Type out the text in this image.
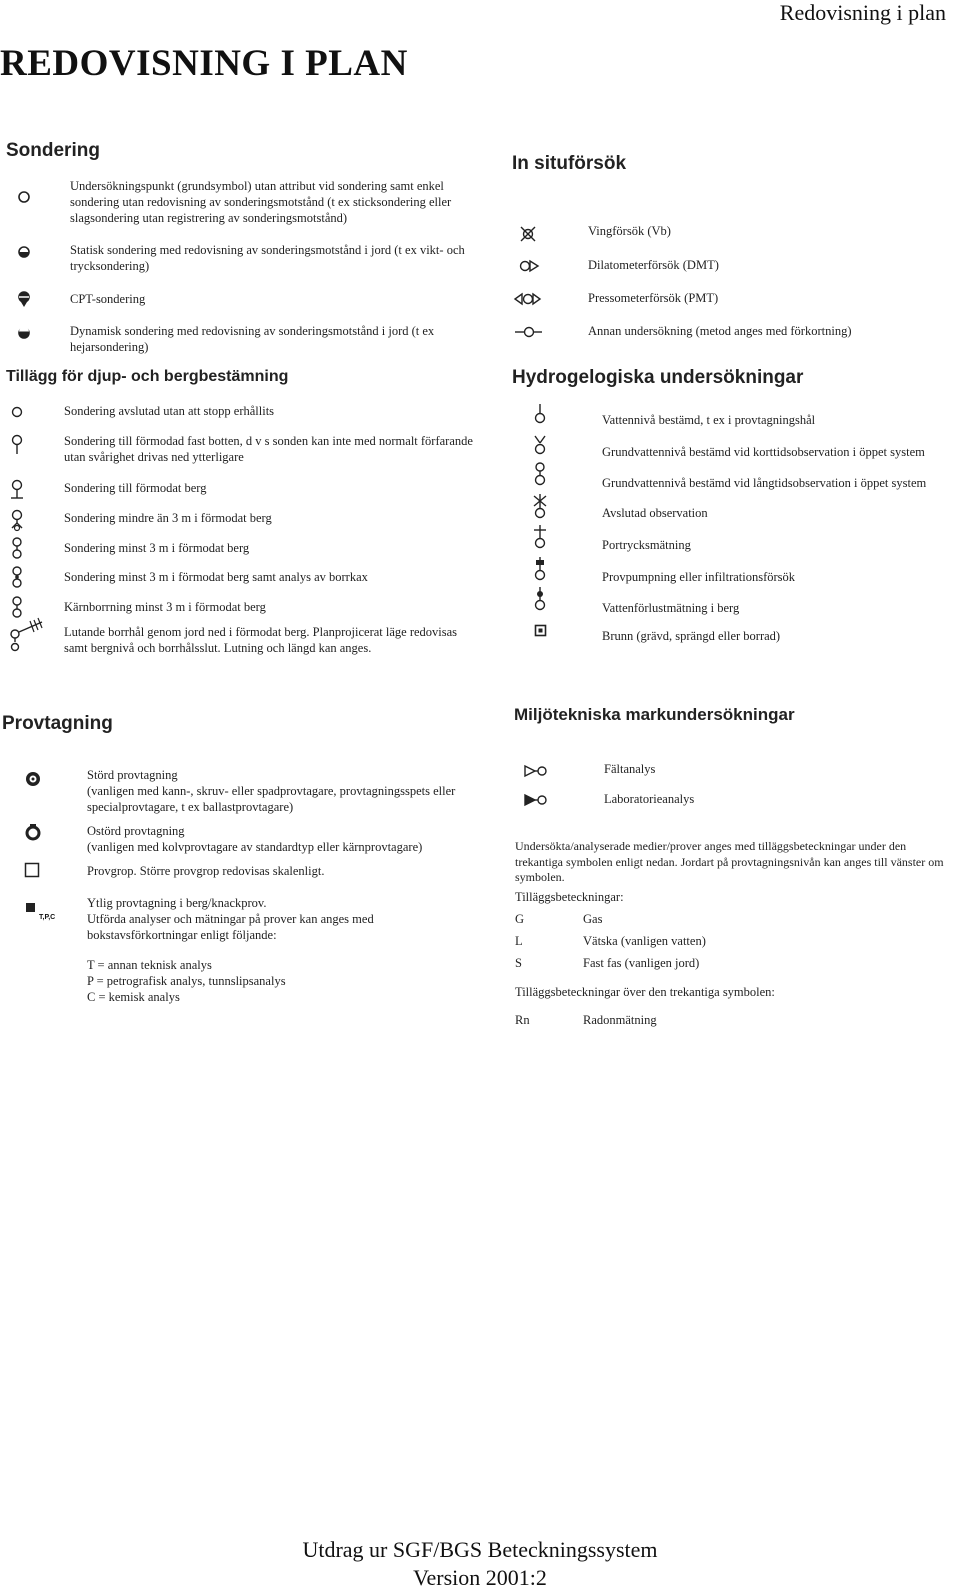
Redovisning i plan
REDOVISNING I PLAN
Sondering
Undersökningspunkt (grundsymbol) utan attribut vid sondering samt enkel sondering utan redovisning av sonderingsmotstånd (t ex sticksondering eller slagsondering utan registrering av sonderingsmotstånd)
Statisk sondering med redovisning av sonderingsmotstånd i jord (t ex vikt- och trycksondering)
CPT-sondering
Dynamisk sondering med redovisning av sonderingsmotstånd i jord (t ex hejarsondering)
Tillägg för djup- och bergbestämning
Sondering avslutad utan att stopp erhållits
Sondering till förmodad fast botten, d v s sonden kan inte med normalt förfarande utan svårighet drivas ned ytterligare
Sondering till förmodat berg
Sondering mindre än 3 m i förmodat berg
Sondering minst 3 m i förmodat berg
Sondering minst 3 m i förmodat berg samt analys av borrkax
Kärnborrning minst 3 m i förmodat berg
Lutande borrhål genom jord ned i förmodat berg. Planprojicerat läge redovisas samt bergnivå och borrhålsslut. Lutning och längd kan anges.
In situförsök
Vingförsök (Vb)
Dilatometerförsök (DMT)
Pressometerförsök (PMT)
Annan undersökning (metod anges med förkortning)
Hydrogelogiska undersökningar
Vattennivå bestämd, t ex i provtagningshål
Grundvattennivå bestämd vid korttidsobservation i öppet system
Grundvattennivå bestämd vid långtidsobservation i öppet system
Avslutad observation
Portrycksmätning
Provpumpning eller infiltrationsförsök
Vattenförlustmätning i berg
Brunn (grävd, sprängd eller borrad)
Provtagning
Störd provtagning
(vanligen med kann-, skruv- eller spadprovtagare, provtagningsspets eller specialprovtagare, t ex ballastprovtagare)
Ostörd provtagning
(vanligen med kolvprovtagare av standardtyp eller kärnprovtagare)
Provgrop. Större provgrop redovisas skalenligt.
T,P,C
Ytlig provtagning i berg/knackprov.
Utförda analyser och mätningar på prover kan anges med bokstavsförkortningar enligt följande:
T = annan teknisk analys
P = petrografisk analys, tunnslipsanalys
C = kemisk analys
Miljötekniska markundersökningar
Fältanalys
Laboratorieanalys
Undersökta/analyserade medier/prover anges med tilläggsbeteckningar under den trekantiga symbolen enligt nedan. Jordart på provtagningsnivån kan anges till vänster om symbolen.
Tilläggsbeteckningar:
G	Gas
L	Vätska (vanligen vatten)
S	Fast fas (vanligen jord)
Tilläggsbeteckningar över den trekantiga symbolen:
Rn	Radonmätning
Utdrag ur SGF/BGS Beteckningssystem
Version 2001:2
